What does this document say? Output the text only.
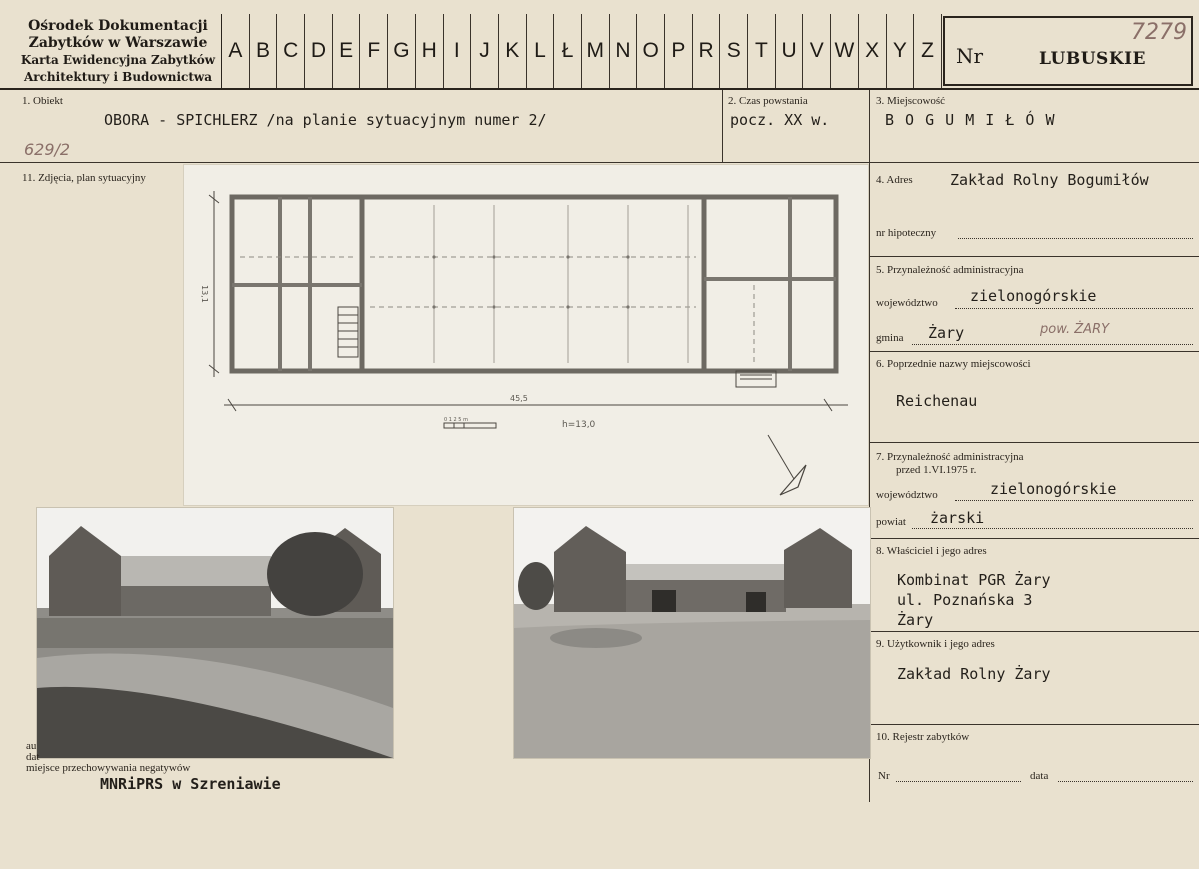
Ośrodek Dokumentacji
Zabytków w Warszawie
Karta Ewidencyjna Zabytków
Architektury i Budownictwa
A B C D E F G H I J K L Ł M N O P R S T U V W X Y Z	Nr	LUBUSKIE
7279
1. Obiekt
OBORA - SPICHLERZ /na planie sytuacyjnym numer 2/
629/2
2. Czas powstania
pocz. XX w.
3. Miejscowość
B O G U M I Ł Ó W
4. Adres Zakład Rolny Bogumiłów
nr hipoteczny
5. Przynależność administracyjna
województwo zielonogórskie
gmina Żary	pow. ŻARY
6. Poprzednie nazwy miejscowości
Reichenau
7. Przynależność administracyjna
przed 1.VI.1975 r.
województwo	zielonogórskie
powiat żarski
8. Właściciel i jego adres
Kombinat PGR Żary
ul. Poznańska 3
Żary
9. Użytkownik i jego adres
Zakład Rolny Żary
10. Rejestr zabytków
Nr	data
11. Zdjęcia, plan sytuacyjny
45,5
13,1
h=13,0
0 1 2 5 m
au
dat
miejsce przechowywania negatywów
MNRiPRS w Szreniawie
